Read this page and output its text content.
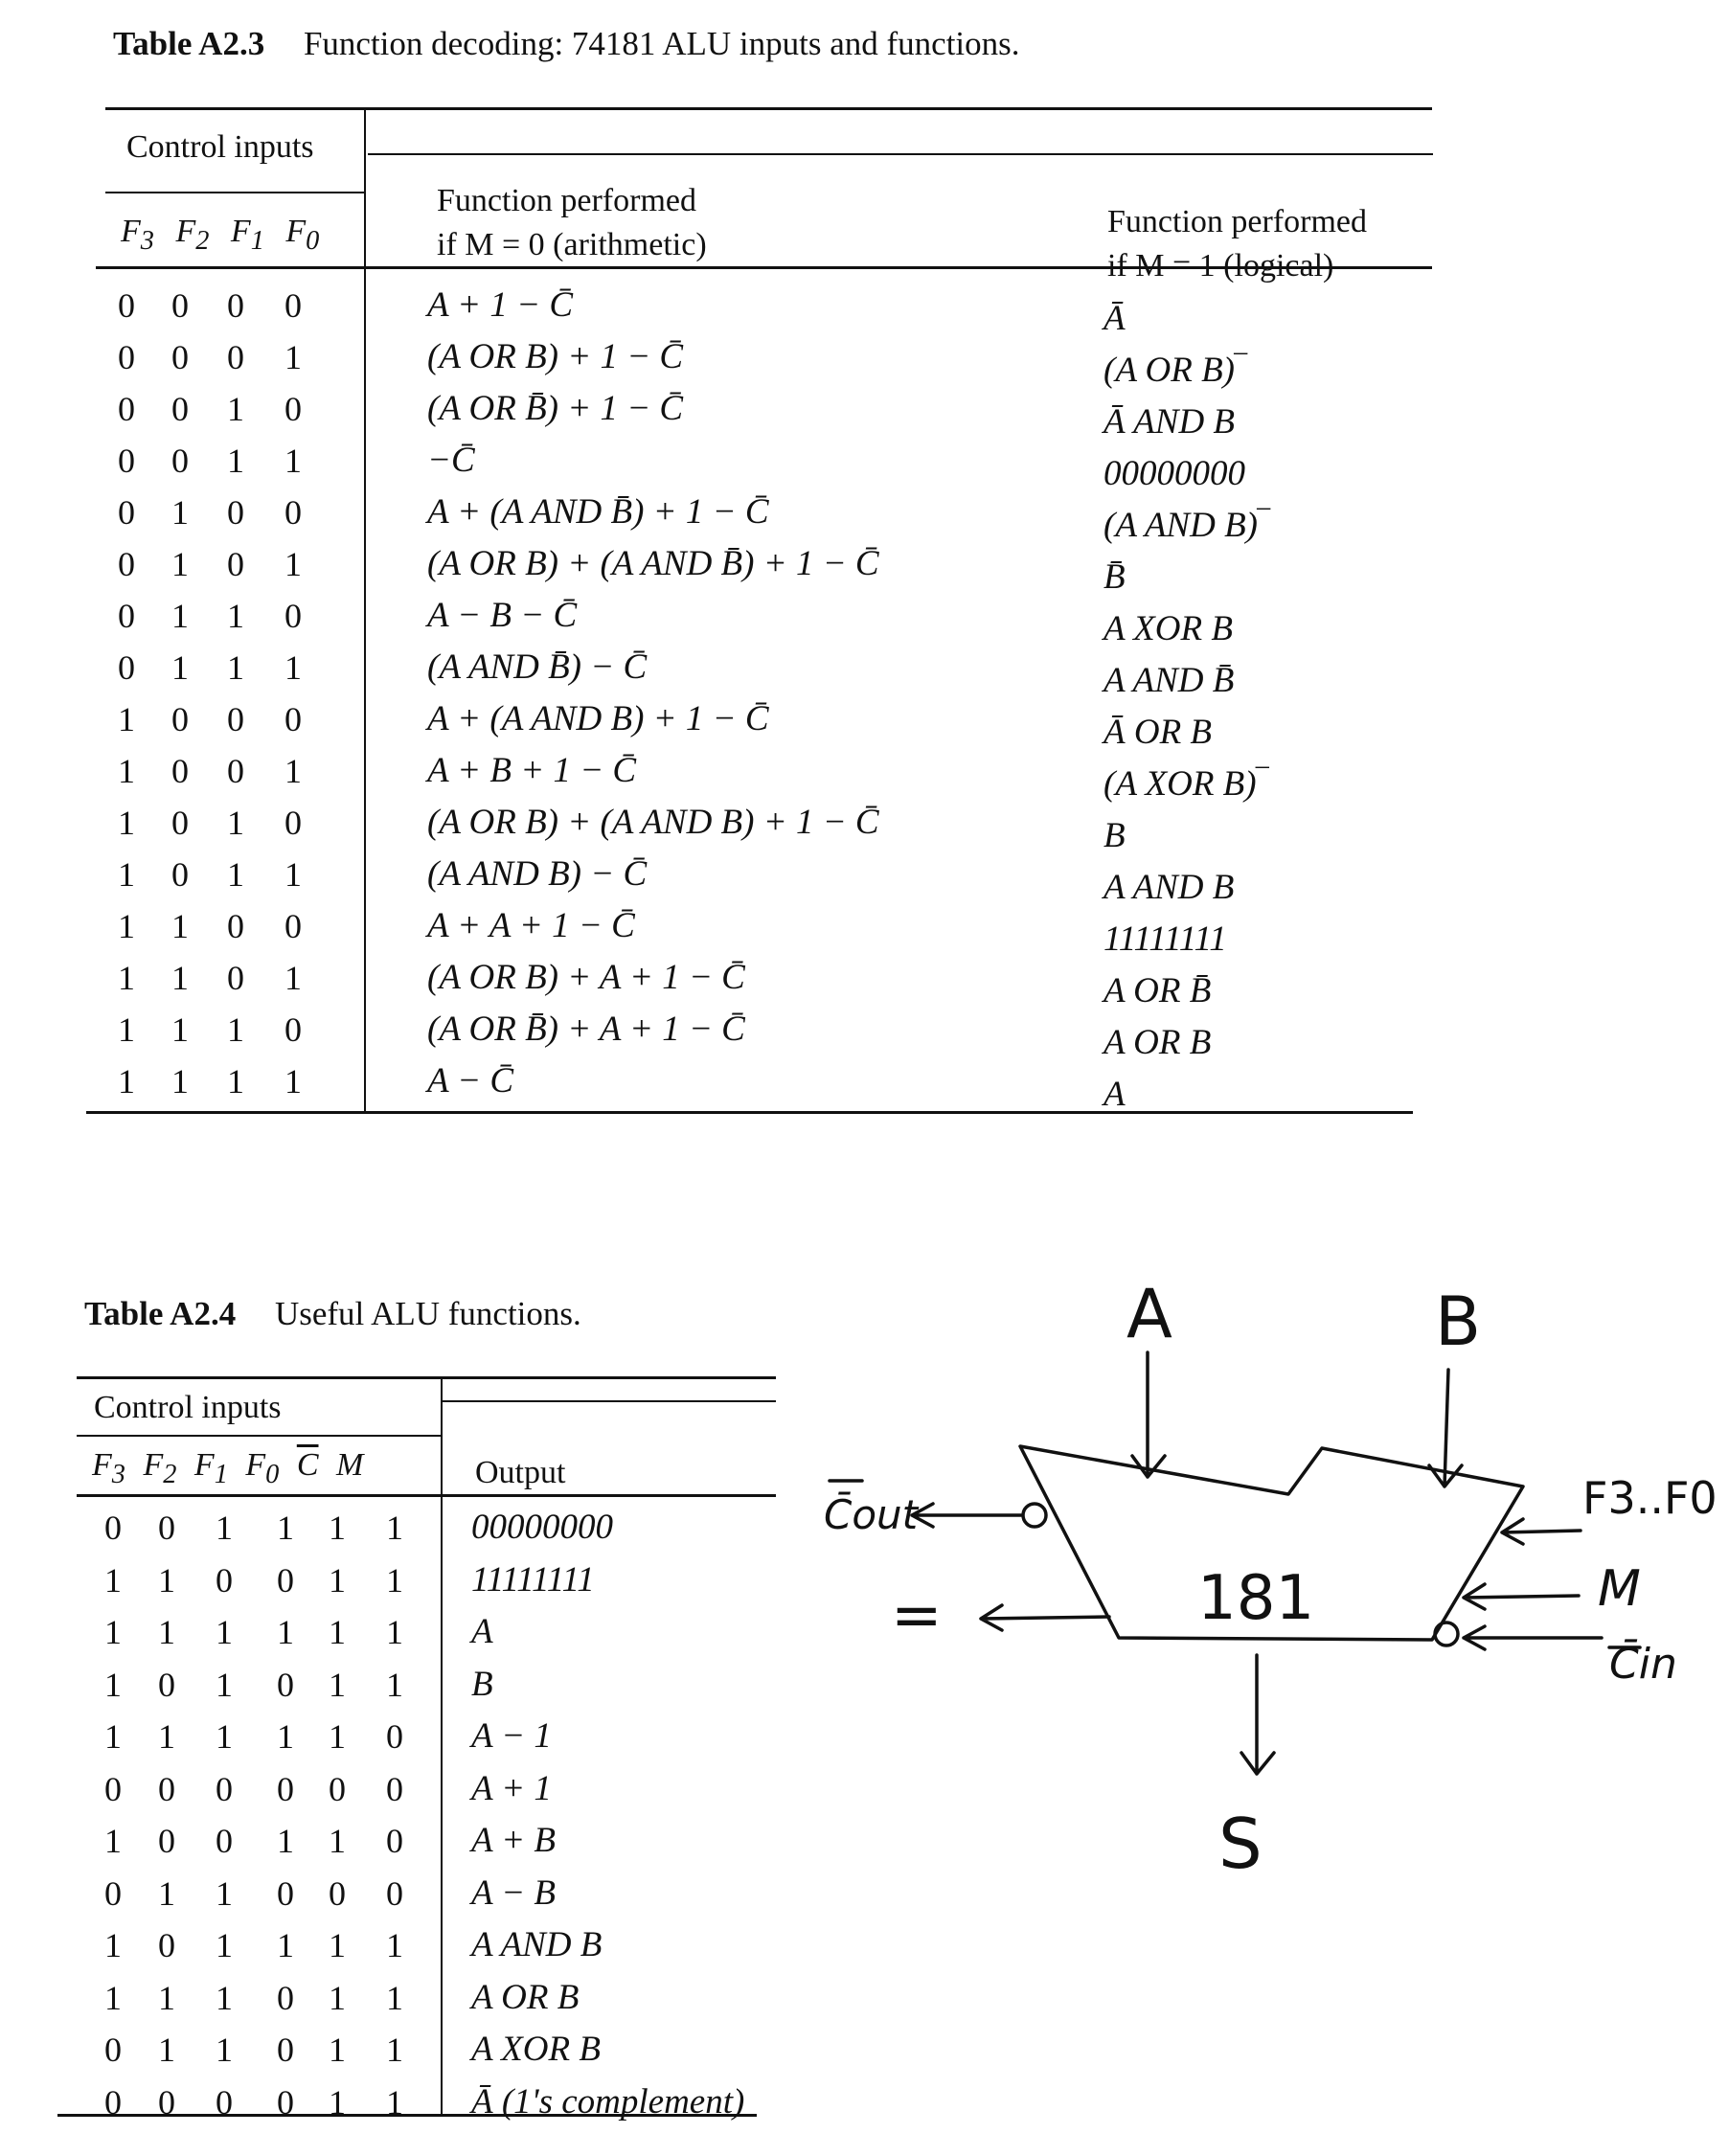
Table A2.3 Function decoding: 74181 ALU inputs and functions.
Control inputs
$F_3$ $F_2$ $F_1$ $F_0$
Function performed
if M = 0 (arithmetic)
Function performed
if M = 1 (logical)
0	0	0	0	A + 1 − C̄	Ā
0	0	0	1	(A OR B) + 1 − C̄	(A OR B)‾
0	0	1	0	(A OR B̄) + 1 − C̄	Ā AND B
0	0	1	1	−C̄	00000000
0	1	0	0	A + (A AND B̄) + 1 − C̄	(A AND B)‾
0	1	0	1	(A OR B) + (A AND B̄) + 1 − C̄	B̄
0	1	1	0	A − B − C̄	A XOR B
0	1	1	1	(A AND B̄) − C̄	A AND B̄
1	0	0	0	A + (A AND B) + 1 − C̄	Ā OR B
1	0	0	1	A + B + 1 − C̄	(A XOR B)‾
1	0	1	0	(A OR B) + (A AND B) + 1 − C̄	B
1	0	1	1	(A AND B) − C̄	A AND B
1	1	0	0	A + A + 1 − C̄	11111111
1	1	0	1	(A OR B) + A + 1 − C̄	A OR B̄
1	1	1	0	(A OR B̄) + A + 1 − C̄	A OR B
1	1	1	1	A − C̄	A
Table A2.4 Useful ALU functions.
Control inputs
$F_3$ $F_2$ $F_1$ $F_0$ $\overline{C}$ M	Output
0	0	1	1	1	1 00000000
1	1	0	0	1	1 11111111
1	1	1	1	1	1 A
1	0	1	0	1	1 B
1	1	1	1	1	0 A − 1
0	0	0	0	0	0 A + 1
1	0	0	1	1	0 A + B
0	1	1	0	0	0 A − B
1	0	1	1	1	1 A AND B
1	1	1	0	1	1 A OR B
0	1	1	0	1	1 A XOR B
0	0	0	0	1	1 Ā (1's complement)
A	B
181
F3..F0
M
C̄in
C̄out
=
S
